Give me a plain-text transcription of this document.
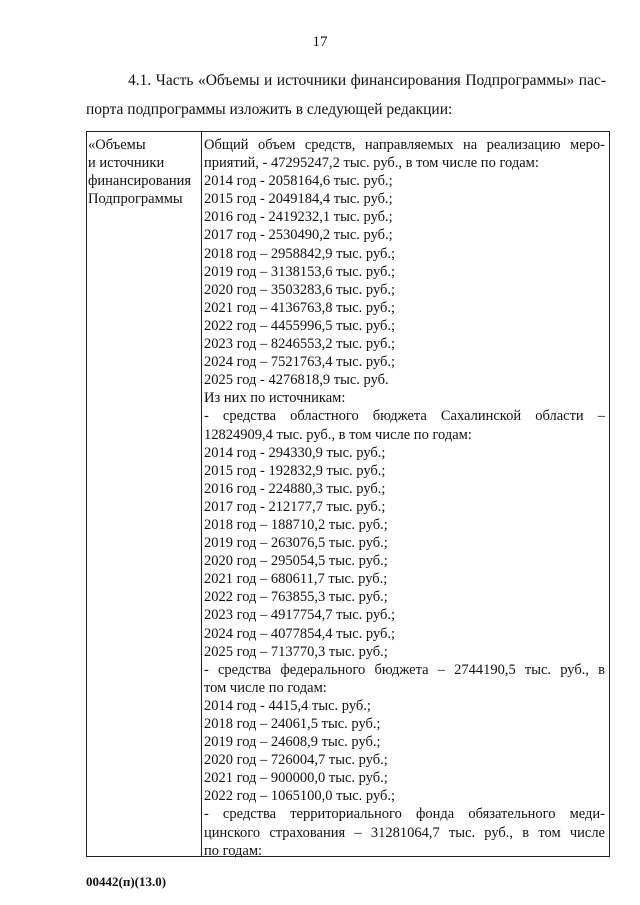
17
4.1. Часть «Объемы и источники финансирования Подпрограммы» пас-
порта подпрограммы изложить в следующей редакции:
«Объемы
и источники
финансирования
Подпрограммы
Общий объем средств, направляемых на реализацию меро-
приятий, - 47295247,2 тыс. руб., в том числе по годам:
2014 год - 2058164,6 тыс. руб.;
2015 год - 2049184,4 тыс. руб.;
2016 год - 2419232,1 тыс. руб.;
2017 год - 2530490,2 тыс. руб.;
2018 год – 2958842,9 тыс. руб.;
2019 год – 3138153,6 тыс. руб.;
2020 год – 3503283,6 тыс. руб.;
2021 год – 4136763,8 тыс. руб.;
2022 год – 4455996,5 тыс. руб.;
2023 год – 8246553,2 тыс. руб.;
2024 год – 7521763,4 тыс. руб.;
2025 год - 4276818,9 тыс. руб.
Из них по источникам:
- средства областного бюджета Сахалинской области –
12824909,4 тыс. руб., в том числе по годам:
2014 год - 294330,9 тыс. руб.;
2015 год - 192832,9 тыс. руб.;
2016 год - 224880,3 тыс. руб.;
2017 год - 212177,7 тыс. руб.;
2018 год – 188710,2 тыс. руб.;
2019 год – 263076,5 тыс. руб.;
2020 год – 295054,5 тыс. руб.;
2021 год – 680611,7 тыс. руб.;
2022 год – 763855,3 тыс. руб.;
2023 год – 4917754,7 тыс. руб.;
2024 год – 4077854,4 тыс. руб.;
2025 год – 713770,3 тыс. руб.;
- средства федерального бюджета – 2744190,5 тыс. руб., в
том числе по годам:
2014 год - 4415,4 тыс. руб.;
2018 год – 24061,5 тыс. руб.;
2019 год – 24608,9 тыс. руб.;
2020 год – 726004,7 тыс. руб.;
2021 год – 900000,0 тыс. руб.;
2022 год – 1065100,0 тыс. руб.;
- средства территориального фонда обязательного меди-
цинского страхования – 31281064,7 тыс. руб., в том числе
по годам:
00442(п)(13.0)
